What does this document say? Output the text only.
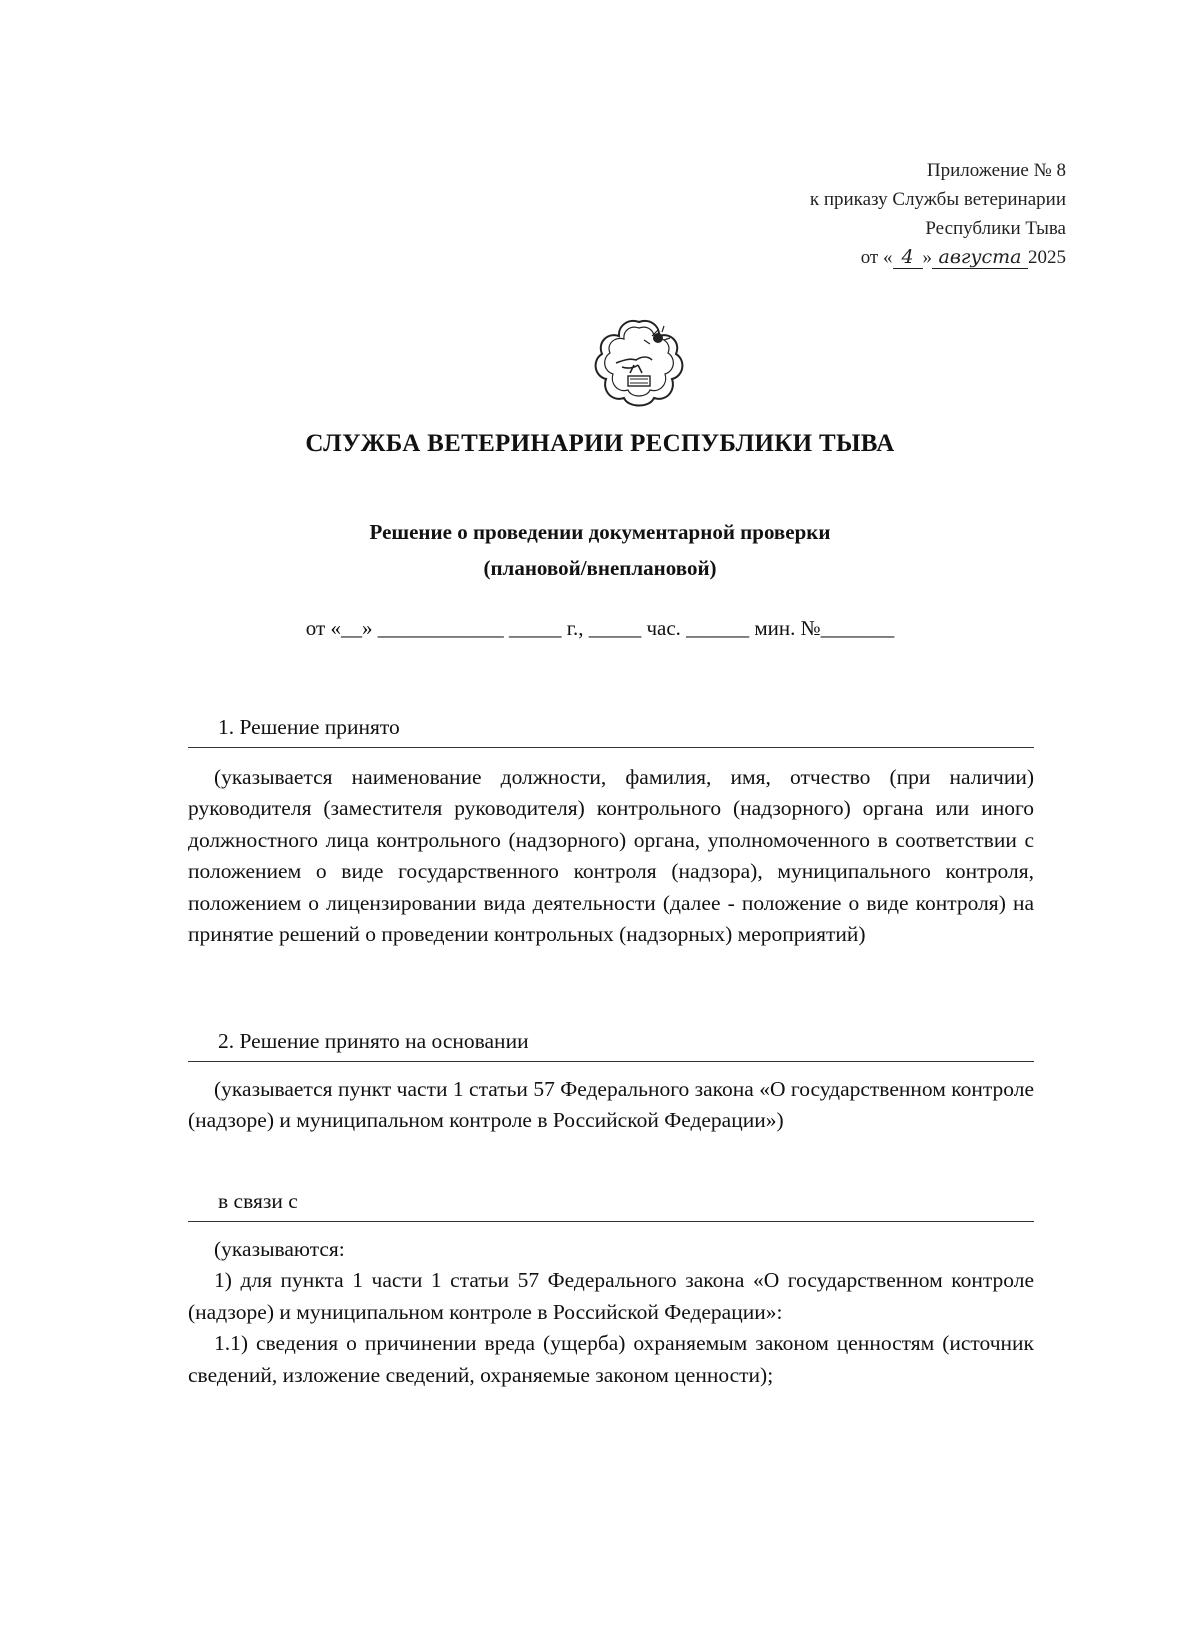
Приложение № 8
к приказу Службы ветеринарии
Республики Тыва
от « 4 » августа 2025
СЛУЖБА ВЕТЕРИНАРИИ РЕСПУБЛИКИ ТЫВА
Решение о проведении документарной проверки
(плановой/внеплановой)
от «__» ____________ _____ г., _____ час. ______ мин. №_______

1. Решение принято

(указывается наименование должности, фамилия, имя, отчество (при наличии) руководителя (заместителя руководителя) контрольного (надзорного) органа или иного должностного лица контрольного (надзорного) органа, уполномоченного в соответствии с положением о виде государственного контроля (надзора), муниципального контроля, положением о лицензировании вида деятельности (далее - положение о виде контроля) на принятие решений о проведении контрольных (надзорных) мероприятий)

2. Решение принято на основании

(указывается пункт части 1 статьи 57 Федерального закона «О государственном контроле (надзоре) и муниципальном контроле в Российской Федерации»)

в связи с

(указываются:

1) для пункта 1 части 1 статьи 57 Федерального закона «О государственном контроле (надзоре) и муниципальном контроле в Российской Федерации»:

1.1) сведения о причинении вреда (ущерба) охраняемым законом ценностям (источник сведений, изложение сведений, охраняемые законом ценности);
